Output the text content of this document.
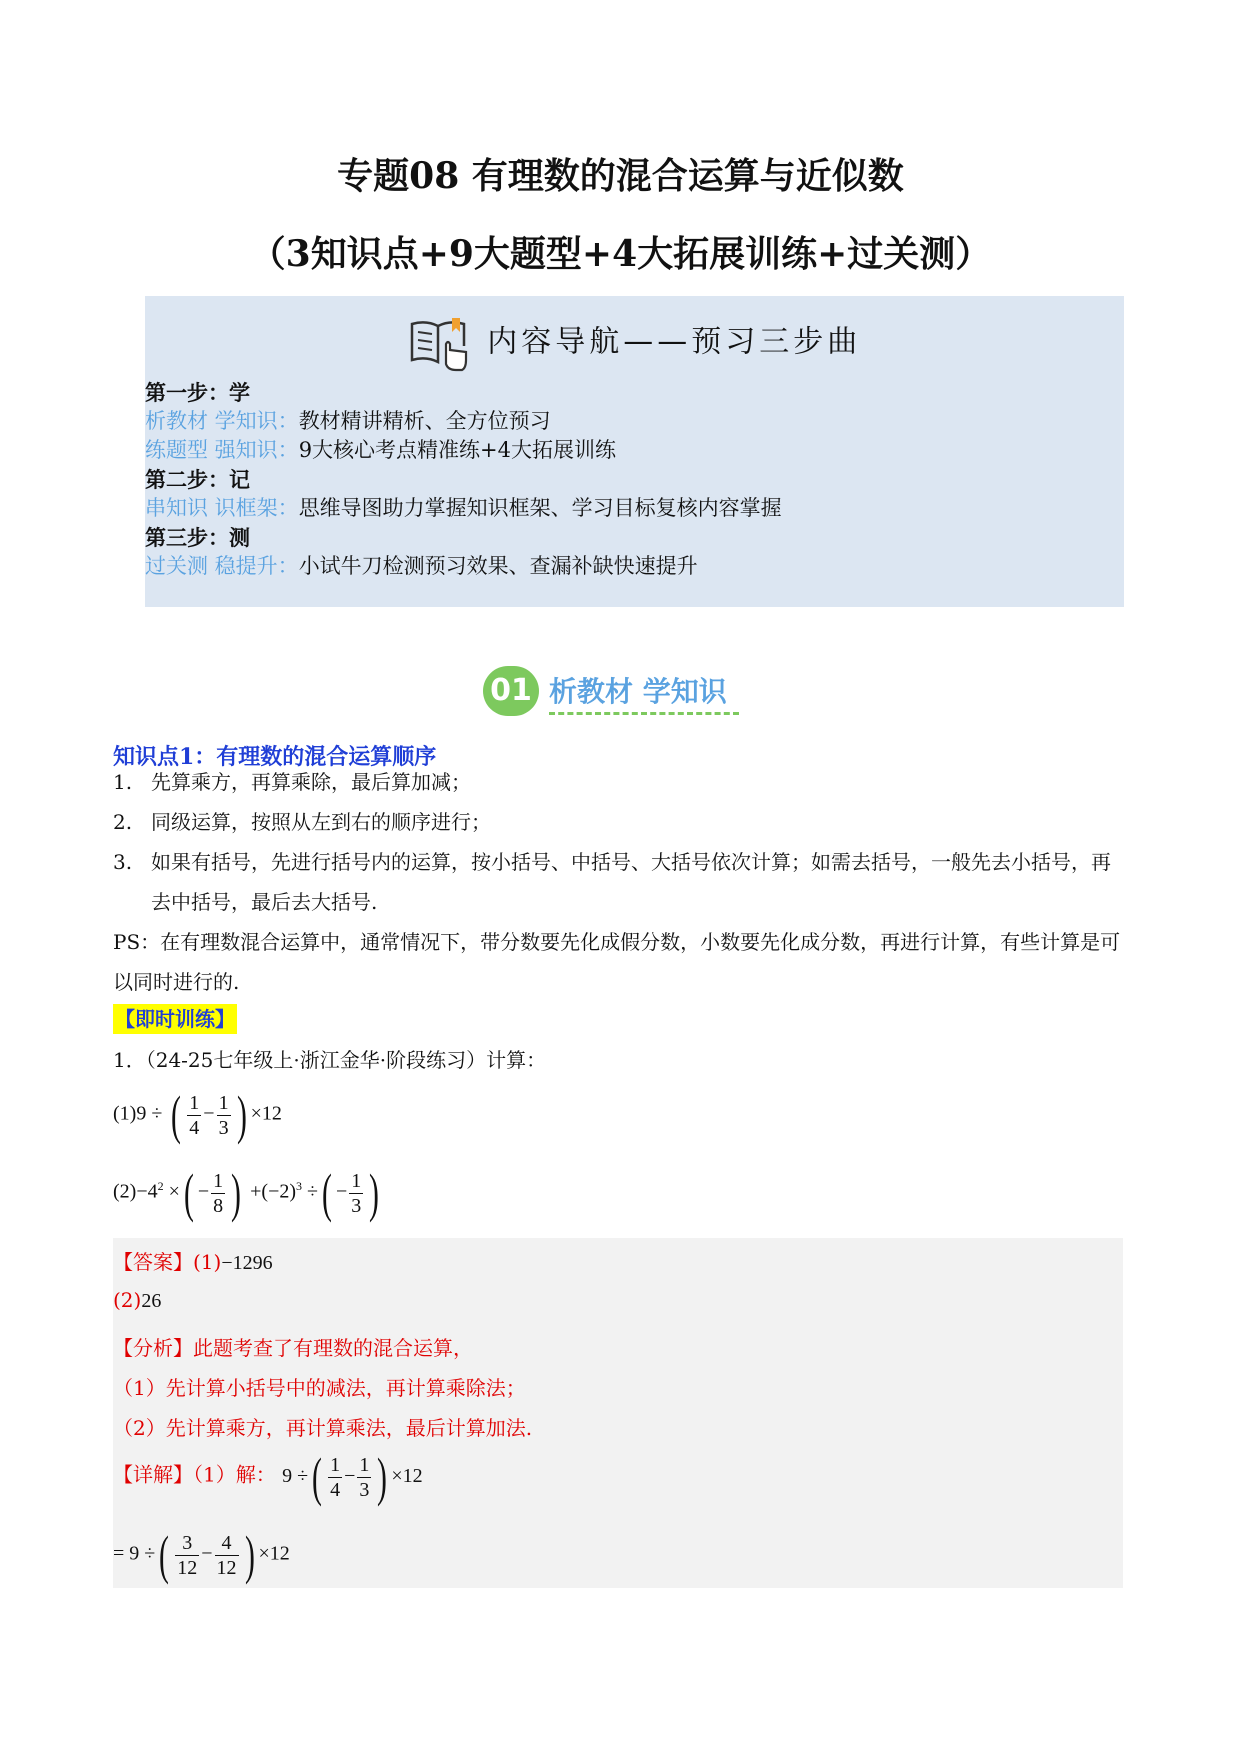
专题08 有理数的混合运算与近似数
（3知识点+9大题型+4大拓展训练+过关测）
内容导航——预习三步曲
第一步：学
析教材 学知识：教材精讲精析、全方位预习
练题型 强知识：9大核心考点精准练+4大拓展训练
第二步：记
串知识 识框架：思维导图助力掌握知识框架、学习目标复核内容掌握
第三步：测
过关测 稳提升：小试牛刀检测预习效果、查漏补缺快速提升
01 析教材 学知识
知识点1：有理数的混合运算顺序
1. 先算乘方，再算乘除，最后算加减；
2. 同级运算，按照从左到右的顺序进行；
3. 如果有括号，先进行括号内的运算，按小括号、中括号、大括号依次计算；如需去括号，一般先去小括号，再去中括号，最后去大括号.
PS：在有理数混合运算中，通常情况下，带分数要先化成假分数，小数要先化成分数，再进行计算，有些计算是可以同时进行的.
【即时训练】
1．（24-25七年级上·浙江金华·阶段练习）计算：
(1)9 ÷ ( $\frac{1}{4} - \frac{1}{3}$ ) ×12
$(2)-4^2$ ×( − $\frac{1}{8}$ ) $+(-2)^3$ ÷( − $\frac{1}{3}$ )
【答案】(1)−1296
(2)26
【分析】此题考查了有理数的混合运算，
（1）先计算小括号中的减法，再计算乘除法；
（2）先计算乘方，再计算乘法，最后计算加法.
【详解】（1）解： 9 ÷( $\frac{1}{4} - \frac{1}{3}$ ) ×12
= 9 ÷( $\frac{3}{12} - \frac{4}{12}$ ) ×12
